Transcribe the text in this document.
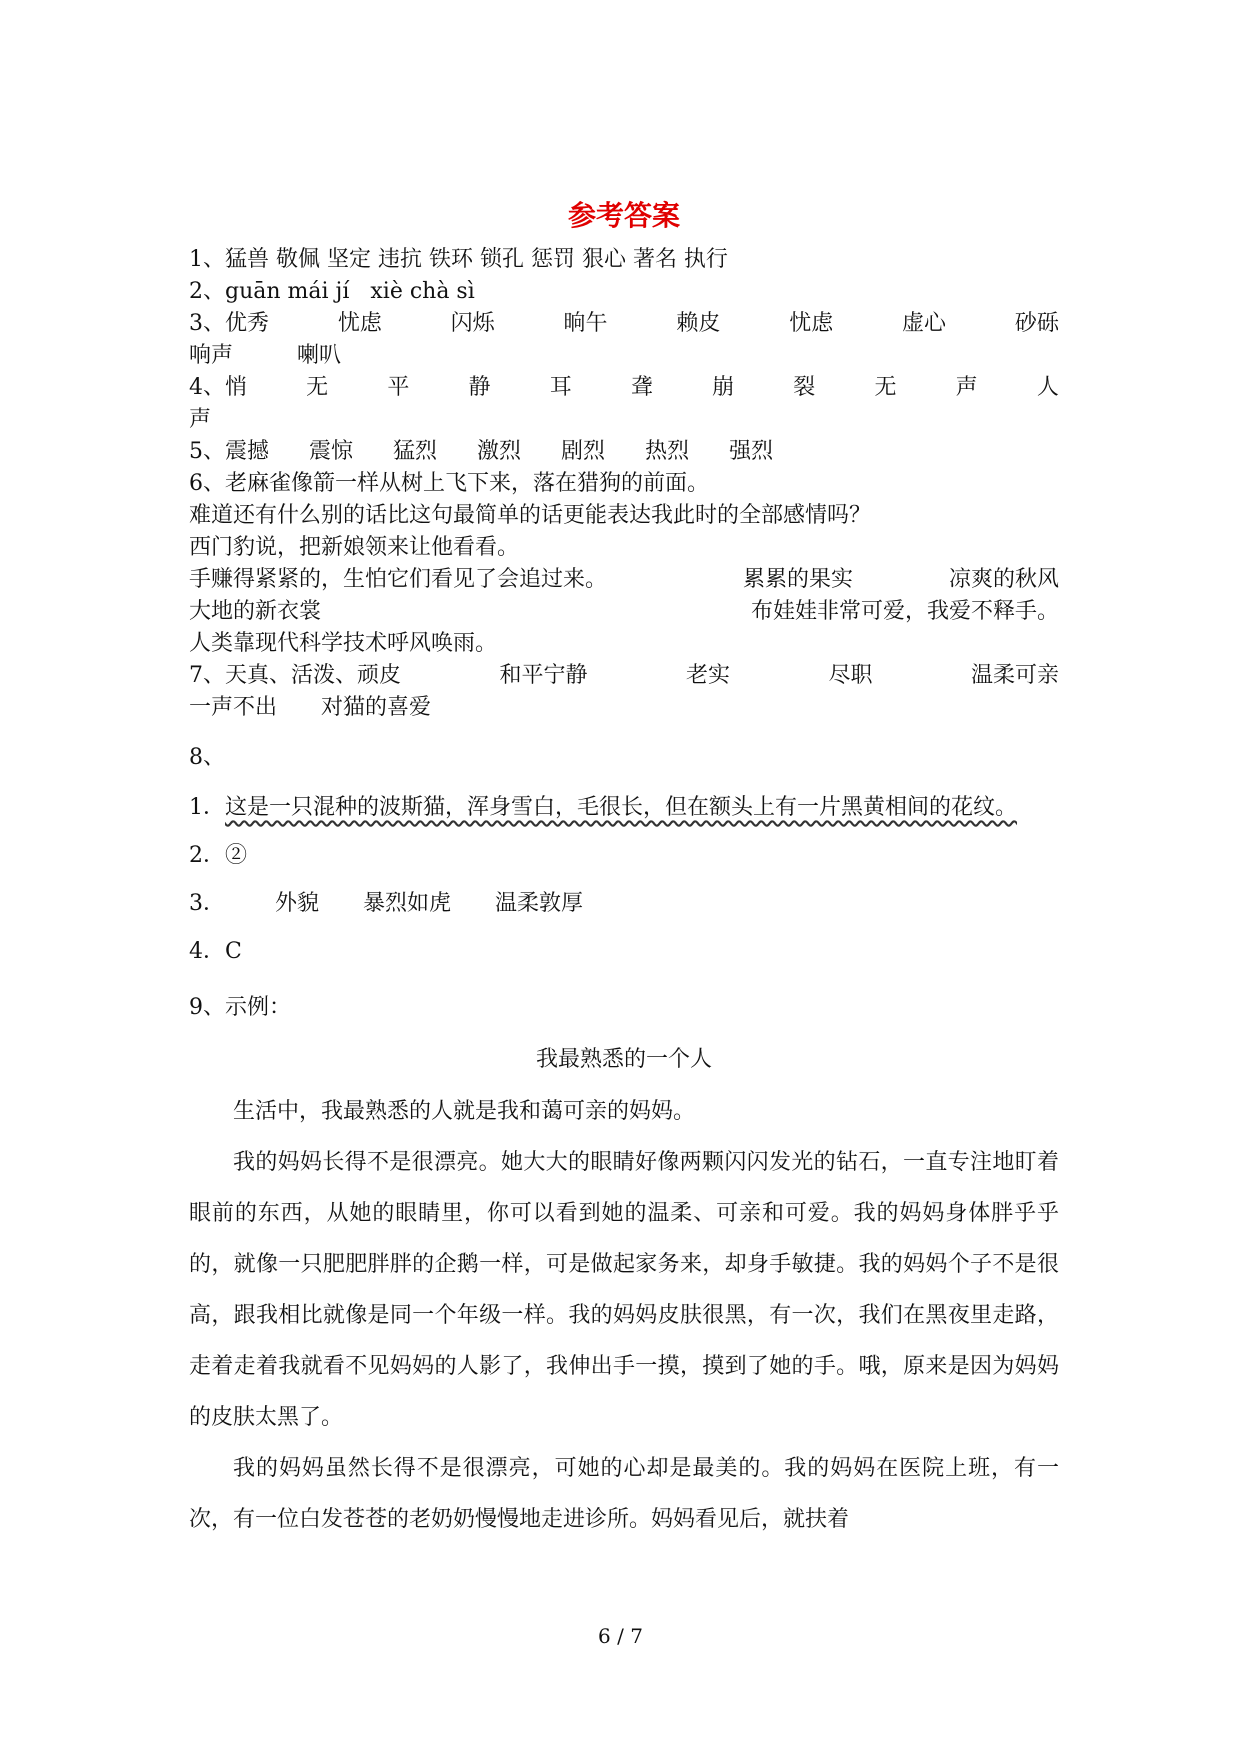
参考答案
1、猛兽 敬佩 坚定 违抗 铁环 锁孔 惩罚 狠心 著名 执行
2、guān mái jí   xiè chà sì
3、优秀	忧虑	闪烁	晌午	赖皮	忧虑	虚心	砂砾
响声	喇叭
4、悄	无	平	静	耳	聋	崩	裂	无	声	人
声
5、震撼 震惊 猛烈 激烈 剧烈 热烈 强烈
6、老麻雀像箭一样从树上飞下来，落在猎狗的前面。
难道还有什么别的话比这句最简单的话更能表达我此时的全部感情吗？
西门豹说，把新娘领来让他看看。
手赚得紧紧的，生怕它们看见了会追过来。	累累的果实	凉爽的秋风
大地的新衣裳	布娃娃非常可爱，我爱不释手。
人类靠现代科学技术呼风唤雨。
7、天真、活泼、顽皮	和平宁静	老实	尽职	温柔可亲
一声不出 对猫的喜爱
8、
1．这是一只混种的波斯猫，浑身雪白，毛很长，但在额头上有一片黑黄相间的花纹。
2．②
3． 外貌 暴烈如虎 温柔敦厚
4．C
9、示例：
我最熟悉的一个人
生活中，我最熟悉的人就是我和蔼可亲的妈妈。
我的妈妈长得不是很漂亮。她大大的眼睛好像两颗闪闪发光的钻石，一直专注地盯着眼前的东西，从她的眼睛里，你可以看到她的温柔、可亲和可爱。我的妈妈身体胖乎乎的，就像一只肥肥胖胖的企鹅一样，可是做起家务来，却身手敏捷。我的妈妈个子不是很高，跟我相比就像是同一个年级一样。我的妈妈皮肤很黑，有一次，我们在黑夜里走路，走着走着我就看不见妈妈的人影了，我伸出手一摸，摸到了她的手。哦，原来是因为妈妈的皮肤太黑了。
我的妈妈虽然长得不是很漂亮，可她的心却是最美的。我的妈妈在医院上班，有一次，有一位白发苍苍的老奶奶慢慢地走进诊所。妈妈看见后，就扶着
6 / 7
